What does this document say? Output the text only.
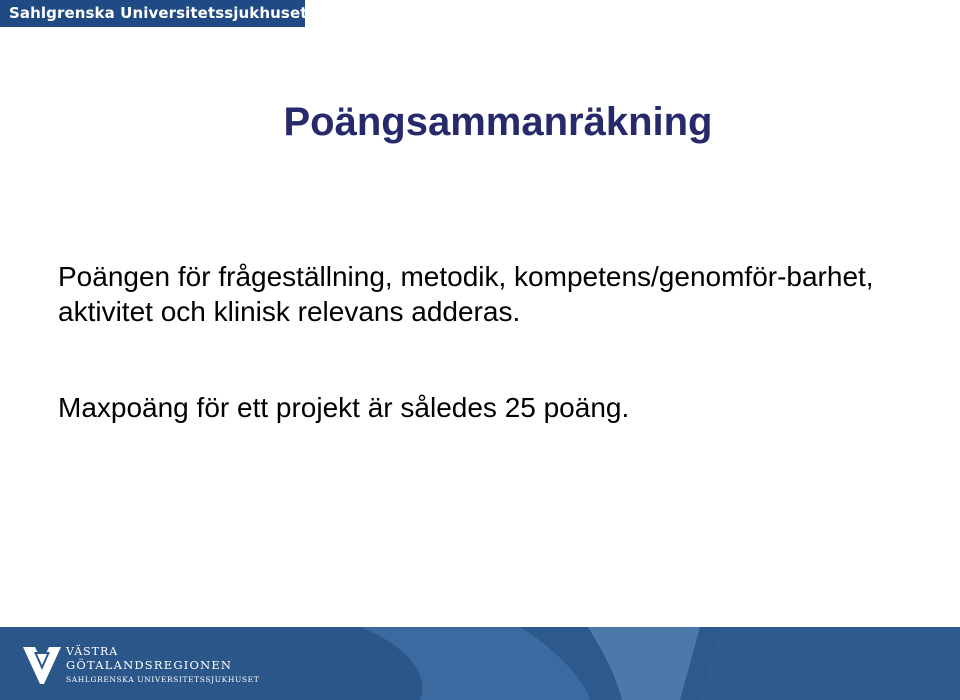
Sahlgrenska Universitetssjukhuset
Poängsammanräkning

Poängen för frågeställning, metodik, kompetens/genomför-barhet, aktivitet och klinisk relevans adderas.

Maxpoäng för ett projekt är således 25 poäng.

VÄSTRA
GÖTALANDSREGIONEN
SAHLGRENSKA UNIVERSITETSSJUKHUSET
